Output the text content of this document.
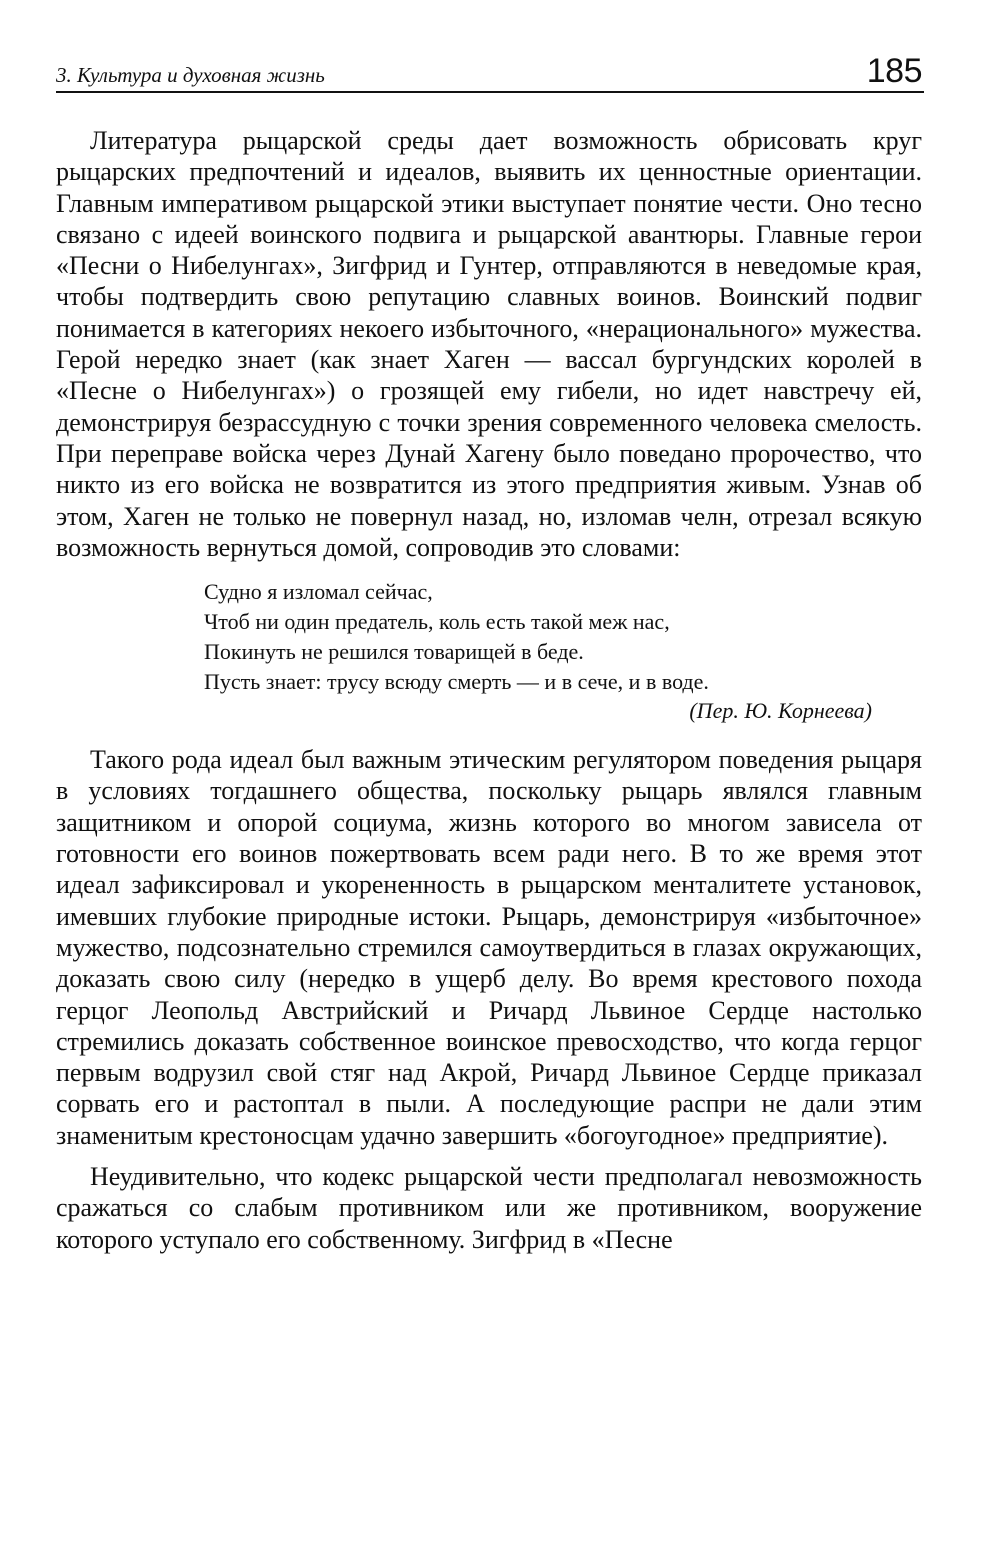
3. Культура и духовная жизнь	185

Литература рыцарской среды дает возможность обрисовать круг рыцарских предпочтений и идеалов, выявить их ценностные ориентации. Главным императивом рыцарской этики выступает понятие чести. Оно тесно связано с идеей воинского подвига и рыцарской авантюры. Главные герои «Песни о Нибелунгах», Зигфрид и Гунтер, отправляются в неведомые края, чтобы подтвердить свою репутацию славных воинов. Воинский подвиг понимается в категориях некоего избыточного, «нерационального» мужества. Герой нередко знает (как знает Хаген — вассал бургундских королей в «Песне о Нибелунгах») о грозящей ему гибели, но идет навстречу ей, демонстрируя безрассудную с точки зрения современного человека смелость. При переправе войска через Дунай Хагену было поведано пророчество, что никто из его войска не возвратится из этого предприятия живым. Узнав об этом, Хаген не только не повернул назад, но, изломав челн, отрезал всякую возможность вернуться домой, сопроводив это словами:

Судно я изломал сейчас,
Чтоб ни один предатель, коль есть такой меж нас,
Покинуть не решился товарищей в беде.
Пусть знает: трусу всюду смерть — и в сече, и в воде.
(Пер. Ю. Корнеева)

Такого рода идеал был важным этическим регулятором поведения рыцаря в условиях тогдашнего общества, поскольку рыцарь являлся главным защитником и опорой социума, жизнь которого во многом зависела от готовности его воинов пожертвовать всем ради него. В то же время этот идеал зафиксировал и укорененность в рыцарском менталитете установок, имевших глубокие природные истоки. Рыцарь, демонстрируя «избыточное» мужество, подсознательно стремился самоутвердиться в глазах окружающих, доказать свою силу (нередко в ущерб делу. Во время крестового похода герцог Леопольд Австрийский и Ричард Львиное Сердце настолько стремились доказать собственное воинское превосходство, что когда герцог первым водрузил свой стяг над Акрой, Ричард Львиное Сердце приказал сорвать его и растоптал в пыли. А последующие распри не дали этим знаменитым крестоносцам удачно завершить «богоугодное» предприятие).

Неудивительно, что кодекс рыцарской чести предполагал невозможность сражаться со слабым противником или же противником, вооружение которого уступало его собственному. Зигфрид в «Песне
